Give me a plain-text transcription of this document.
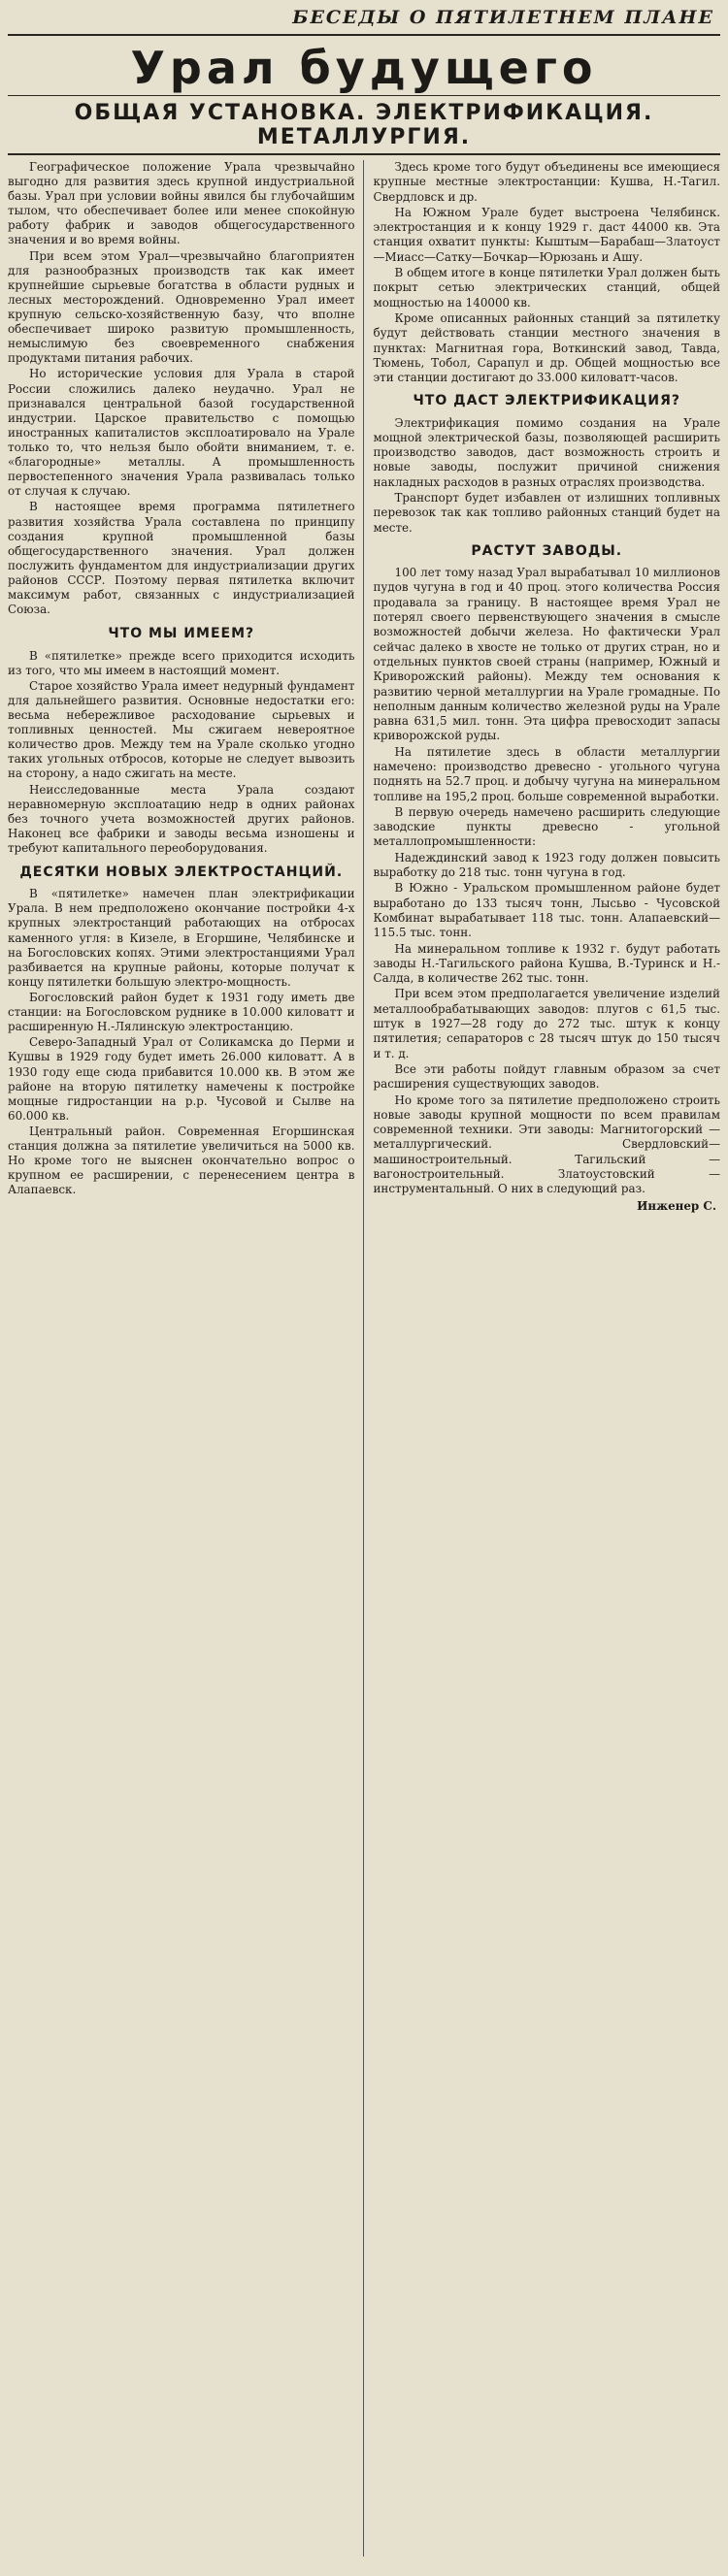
БЕСЕДЫ О ПЯТИЛЕТНЕМ ПЛАНЕ
Урал будущего
ОБЩАЯ УСТАНОВКА. ЭЛЕКТРИФИКАЦИЯ. МЕТАЛЛУРГИЯ.

Географическое положение Урала чрезвычайно выгодно для развития здесь крупной индустриальной базы. Урал при условии войны явился бы глубочайшим тылом, что обеспечивает более или менее спокойную работу фабрик и заводов общегосударственного значения и во время войны.

При всем этом Урал—чрезвычайно благоприятен для разнообразных производств так как имеет крупнейшие сырьевые богатства в области рудных и лесных месторождений. Одновременно Урал имеет крупную сельско-хозяйственную базу, что вполне обеспечивает широко развитую промышленность, немыслимую без своевременного снабжения продуктами питания рабочих.

Но исторические условия для Урала в старой России сложились далеко неудачно. Урал не признавался центральной базой государственной индустрии. Царское правительство с помощью иностранных капиталистов эксплоатировало на Урале только то, что нельзя было обойти вниманием, т. е. «благородные» металлы. А промышленность первостепенного значения Урала развивалась только от случая к случаю.

В настоящее время программа пятилетнего развития хозяйства Урала составлена по принципу создания крупной промышленной базы общегосударственного значения. Урал должен послужить фундаментом для индустриализации других районов СССР. Поэтому первая пятилетка включит максимум работ, связанных с индустриализацией Союза.

ЧТО МЫ ИМЕЕМ?

В «пятилетке» прежде всего приходится исходить из того, что мы имеем в настоящий момент.

Старое хозяйство Урала имеет недурный фундамент для дальнейшего развития. Основные недостатки его: весьма небережливое расходование сырьевых и топливных ценностей. Мы сжигаем невероятное количество дров. Между тем на Урале сколько угодно таких угольных отбросов, которые не следует вывозить на сторону, а надо сжигать на месте.

Неисследованные места Урала создают неравномерную эксплоатацию недр в одних районах без точного учета возможностей других районов. Наконец все фабрики и заводы весьма изношены и требуют капитального переоборудования.

ДЕСЯТКИ НОВЫХ ЭЛЕКТРОСТАНЦИЙ.

В «пятилетке» намечен план электрификации Урала. В нем предположено окончание постройки 4-х крупных электростанций работающих на отбросах каменного угля: в Кизеле, в Егоршине, Челябинске и на Богословских копях. Этими электростанциями Урал разбивается на крупные районы, которые получат к концу пятилетки большую электро-мощность.

Богословский район будет к 1931 году иметь две станции: на Богословском руднике в 10.000 киловатт и расширенную Н.-Лялинскую электростанцию.

Северо-Западный Урал от Соликамска до Перми и Кушвы в 1929 году будет иметь 26.000 киловатт. А в 1930 году еще сюда прибавится 10.000 кв. В этом же районе на вторую пятилетку намечены к постройке мощные гидростанции на р.р. Чусовой и Сылве на 60.000 кв.

Центральный район. Современная Егоршинская станция должна за пятилетие увеличиться на 5000 кв. Но кроме того не выяснен окончательно вопрос о крупном ее расширении, с перенесением центра в Алапаевск.

Здесь кроме того будут объединены все имеющиеся крупные местные электростанции: Кушва, Н.-Тагил. Свердловск и др.

На Южном Урале будет выстроена Челябинск. электростанция и к концу 1929 г. даст 44000 кв. Эта станция охватит пункты: Кыштым—Барабаш—Златоуст—Миасс—Сатку—Бочкар—Юрюзань и Ашу.

В общем итоге в конце пятилетки Урал должен быть покрыт сетью электрических станций, общей мощностью на 140000 кв.

Кроме описанных районных станций за пятилетку будут действовать станции местного значения в пунктах: Магнитная гора, Воткинский завод, Тавда, Тюмень, Тобол, Сарапул и др. Общей мощностью все эти станции достигают до 33.000 киловатт-часов.

ЧТО ДАСТ ЭЛЕКТРИФИКАЦИЯ?

Электрификация помимо создания на Урале мощной электрической базы, позволяющей расширить производство заводов, даст возможность строить и новые заводы, послужит причиной снижения накладных расходов в разных отраслях производства.

Транспорт будет избавлен от излишних топливных перевозок так как топливо районных станций будет на месте.

РАСТУТ ЗАВОДЫ.

100 лет тому назад Урал вырабатывал 10 миллионов пудов чугуна в год и 40 проц. этого количества Россия продавала за границу. В настоящее время Урал не потерял своего первенствующего значения в смысле возможностей добычи железа. Но фактически Урал сейчас далеко в хвосте не только от других стран, но и отдельных пунктов своей страны (например, Южный и Криворожский районы). Между тем основания к развитию черной металлургии на Урале громадные. По неполным данным количество железной руды на Урале равна 631,5 мил. тонн. Эта цифра превосходит запасы криворожской руды.

На пятилетие здесь в области металлургии намечено: производство древесно - угольного чугуна поднять на 52.7 проц. и добычу чугуна на минеральном топливе на 195,2 проц. больше современной выработки.

В первую очередь намечено расширить следующие заводские пункты древесно - угольной металлопромышленности:

Надеждинский завод к 1923 году должен повысить выработку до 218 тыс. тонн чугуна в год.

В Южно - Уральском промышленном районе будет выработано до 133 тысяч тонн, Лысьво - Чусовской Комбинат вырабатывает 118 тыс. тонн. Алапаевский—115.5 тыс. тонн.

На минеральном топливе к 1932 г. будут работать заводы Н.-Тагильского района Кушва, В.-Туринск и Н.-Салда, в количестве 262 тыс. тонн.

При всем этом предполагается увеличение изделий металлообрабатывающих заводов: плугов с 61,5 тыс. штук в 1927—28 году до 272 тыс. штук к концу пятилетия; сепараторов с 28 тысяч штук до 150 тысяч и т. д.

Все эти работы пойдут главным образом за счет расширения существующих заводов.

Но кроме того за пятилетие предположено строить новые заводы крупной мощности по всем правилам современной техники. Эти заводы: Магнитогорский — металлургический. Свердловский—машиностроительный. Тагильский — вагоностроительный. Златоустовский — инструментальный. О них в следующий раз.

Инженер С.
